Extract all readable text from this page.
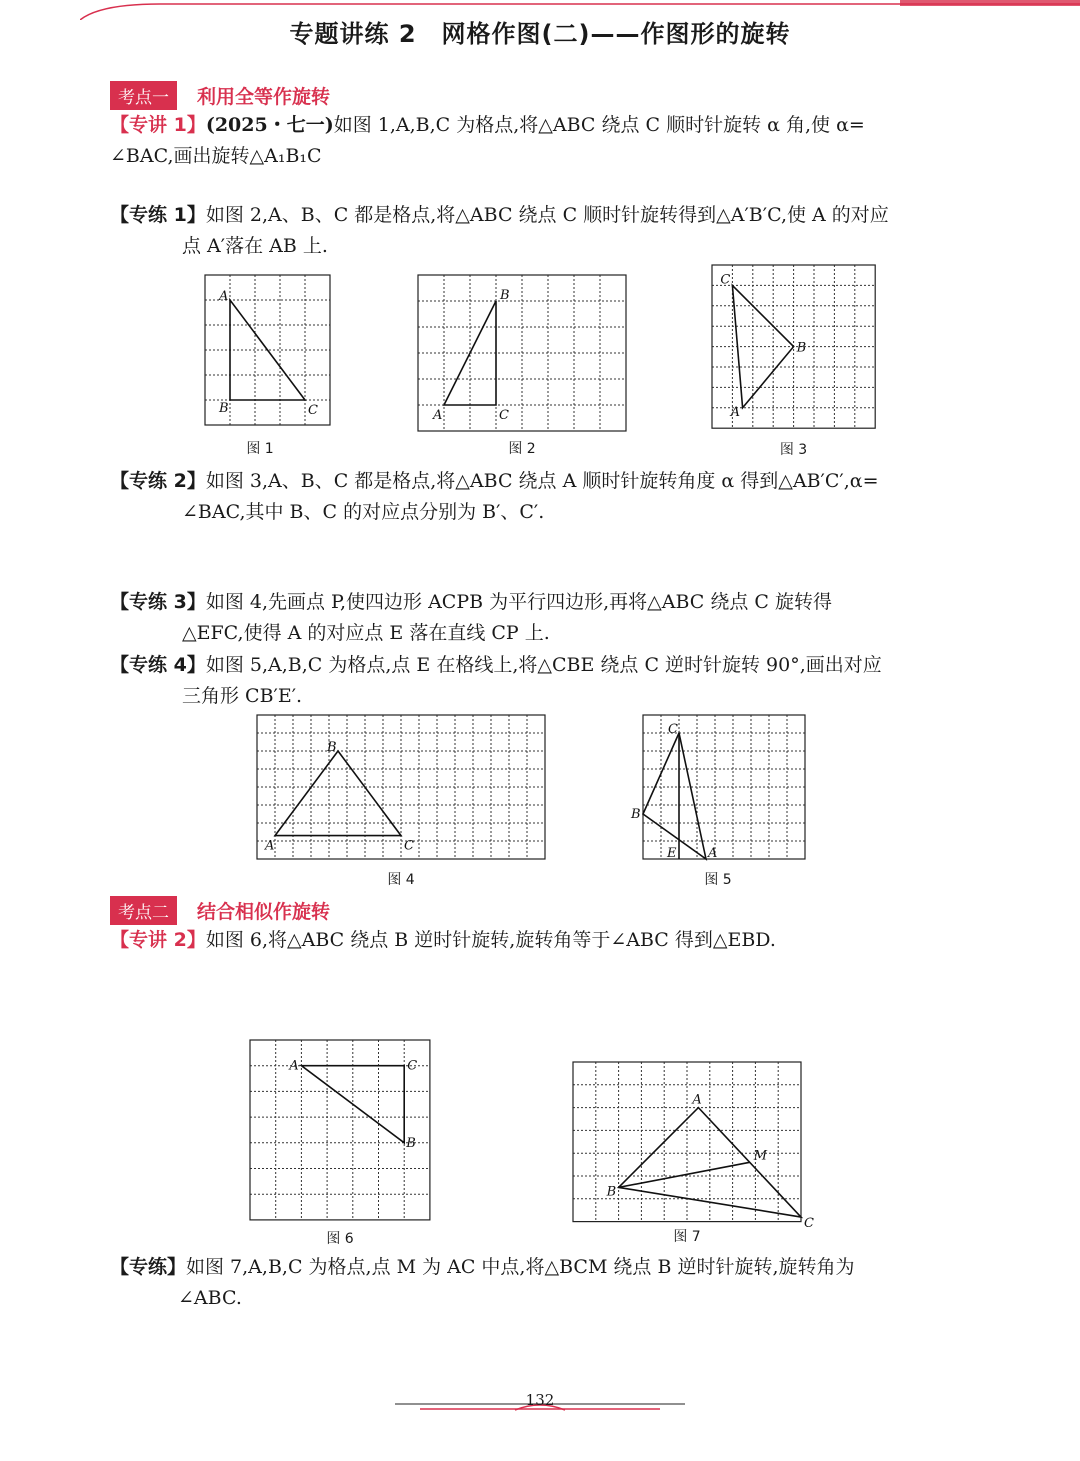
专题讲练 2　网格作图(二)——作图形的旋转
考点一	利用全等作旋转
【专讲 1】(2025・七一)如图 1,A,B,C 为格点,将△ABC 绕点 C 顺时针旋转 α 角,使 α=
∠BAC,画出旋转△A₁B₁C
【专练 1】如图 2,A、B、C 都是格点,将△ABC 绕点 C 顺时针旋转得到△A′B′C,使 A 的对应
点 A′落在 AB 上.
A
B	C
图 1
A
B
C
图 2
C
B
A
图 3
【专练 2】如图 3,A、B、C 都是格点,将△ABC 绕点 A 顺时针旋转角度 α 得到△AB′C′,α=
∠BAC,其中 B、C 的对应点分别为 B′、C′.
【专练 3】如图 4,先画点 P,使四边形 ACPB 为平行四边形,再将△ABC 绕点 C 旋转得
△EFC,使得 A 的对应点 E 落在直线 CP 上.
【专练 4】如图 5,A,B,C 为格点,点 E 在格线上,将△CBE 绕点 C 逆时针旋转 90°,画出对应
三角形 CB′E′.
A
B
C
图 4
C
B
E A
图 5
考点二	结合相似作旋转
【专讲 2】如图 6,将△ABC 绕点 B 逆时针旋转,旋转角等于∠ABC 得到△EBD.
A	C
B
图 6
A
B
C
M
图 7
【专练】如图 7,A,B,C 为格点,点 M 为 AC 中点,将△BCM 绕点 B 逆时针旋转,旋转角为
∠ABC.
132
